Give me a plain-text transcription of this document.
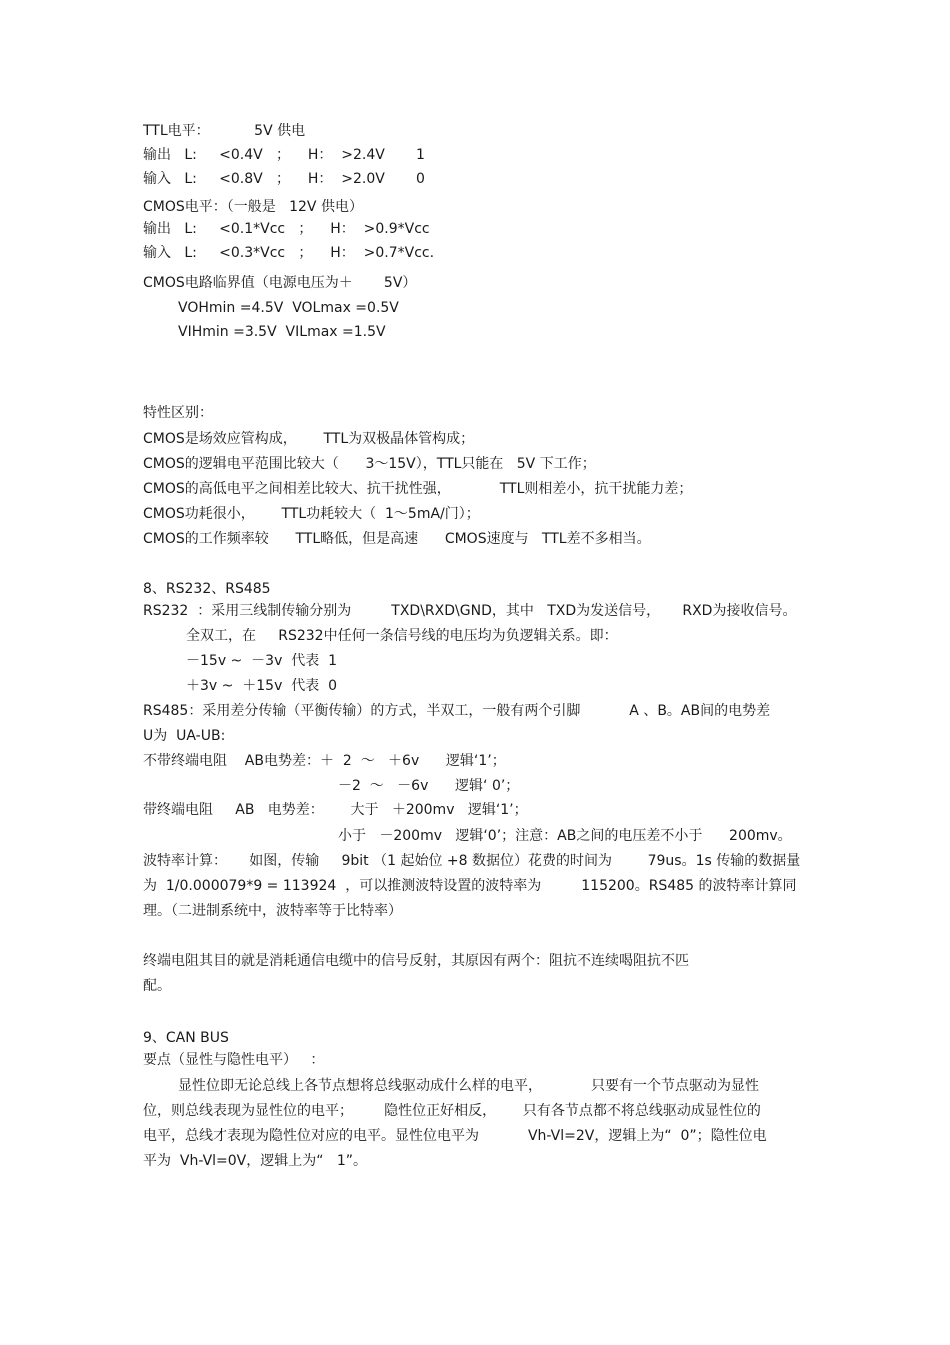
TTL电平：          5V 供电
输出   L:     <0.4V   ；    H：  >2.4V       1
输入   L:     <0.8V   ；    H：  >2.0V       0
CMOS电平：（一般是   12V 供电）
输出   L:     <0.1*Vcc   ；    H：  >0.9*Vcc
输入   L:     <0.3*Vcc   ；    H：  >0.7*Vcc.
CMOS电路临界值（电源电压为＋       5V）
VOHmin =4.5V  VOLmax =0.5V
VIHmin =3.5V  VILmax =1.5V
特性区别：
CMOS是场效应管构成，      TTL为双极晶体管构成；
CMOS的逻辑电平范围比较大（      3～15V），TTL只能在   5V 下工作；
CMOS的高低电平之间相差比较大、抗干扰性强，           TTL则相差小，抗干扰能力差；
CMOS功耗很小，      TTL功耗较大（  1～5mA/门）；
CMOS的工作频率较      TTL略低，但是高速      CMOS速度与   TTL差不多相当。
8、RS232、RS485
RS232  ：采用三线制传输分别为         TXD\RXD\GND，其中   TXD为发送信号，     RXD为接收信号。
全双工，在     RS232中任何一条信号线的电压均为负逻辑关系。即：
－15v ~  －3v  代表  1
＋3v ~  ＋15v  代表  0
RS485：采用差分传输（平衡传输）的方式，半双工，一般有两个引脚           A 、B。AB间的电势差
U为  UA-UB:
不带终端电阻    AB电势差：＋  2  ～   ＋6v      逻辑‘1’；
－2  ～   －6v      逻辑‘ 0’；
带终端电阻     AB   电势差：      大于   ＋200mv   逻辑‘1’；
小于   －200mv   逻辑‘0’；注意：AB之间的电压差不小于      200mv。
波特率计算：     如图，传输     9bit （1 起始位 +8 数据位）花费的时间为        79us。1s 传输的数据量
为  1/0.000079*9 = 113924  ，可以推测波特设置的波特率为         115200。RS485 的波特率计算同
理。（二进制系统中，波特率等于比特率）
终端电阻其目的就是消耗通信电缆中的信号反射，其原因有两个：阻抗不连续喝阻抗不匹
配。
9、CAN BUS
要点（显性与隐性电平）   ：
显性位即无论总线上各节点想将总线驱动成什么样的电平，           只要有一个节点驱动为显性
位，则总线表现为显性位的电平；       隐性位正好相反，      只有各节点都不将总线驱动成显性位的
电平，总线才表现为隐性位对应的电平。显性位电平为           Vh-Vl=2V，逻辑上为“  0”；隐性位电
平为  Vh-Vl=0V，逻辑上为“   1”。
